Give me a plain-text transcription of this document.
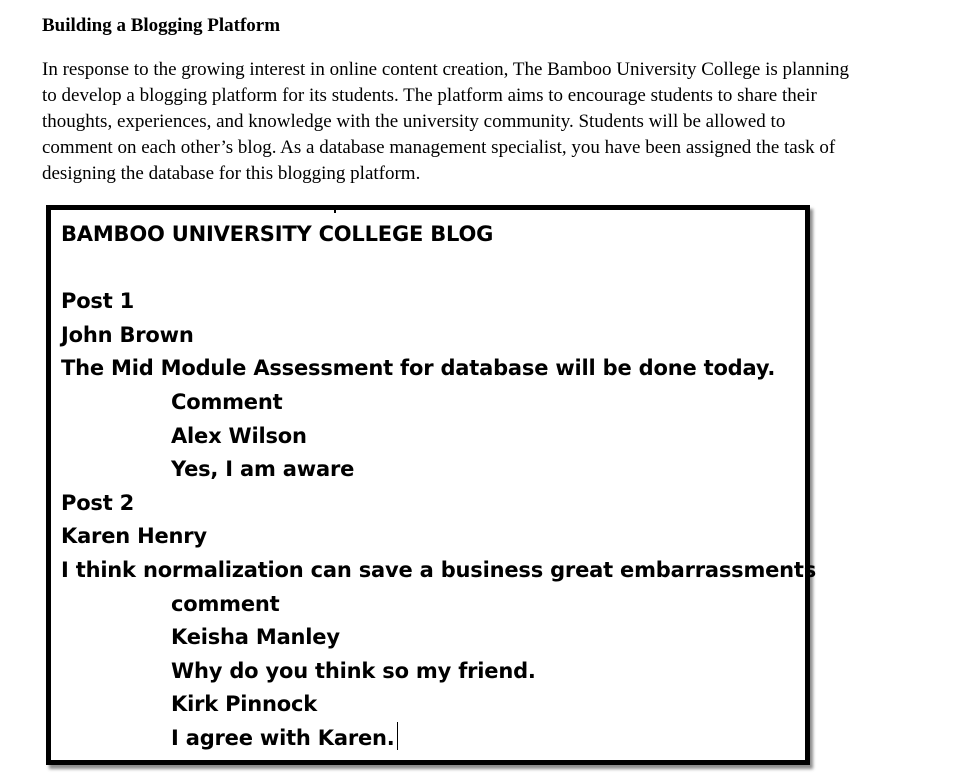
Building a Blogging Platform
In response to the growing interest in online content creation, The Bamboo University College is planning
to develop a blogging platform for its students. The platform aims to encourage students to share their
thoughts, experiences, and knowledge with the university community. Students will be allowed to
comment on each other’s blog. As a database management specialist, you have been assigned the task of
designing the database for this blogging platform.
BAMBOO UNIVERSITY COLLEGE BLOG
Post 1
John Brown
The Mid Module Assessment for database will be done today.
Comment
Alex Wilson
Yes, I am aware
Post 2
Karen Henry
I think normalization can save a business great embarrassments
comment
Keisha Manley
Why do you think so my friend.
Kirk Pinnock
I agree with Karen.
